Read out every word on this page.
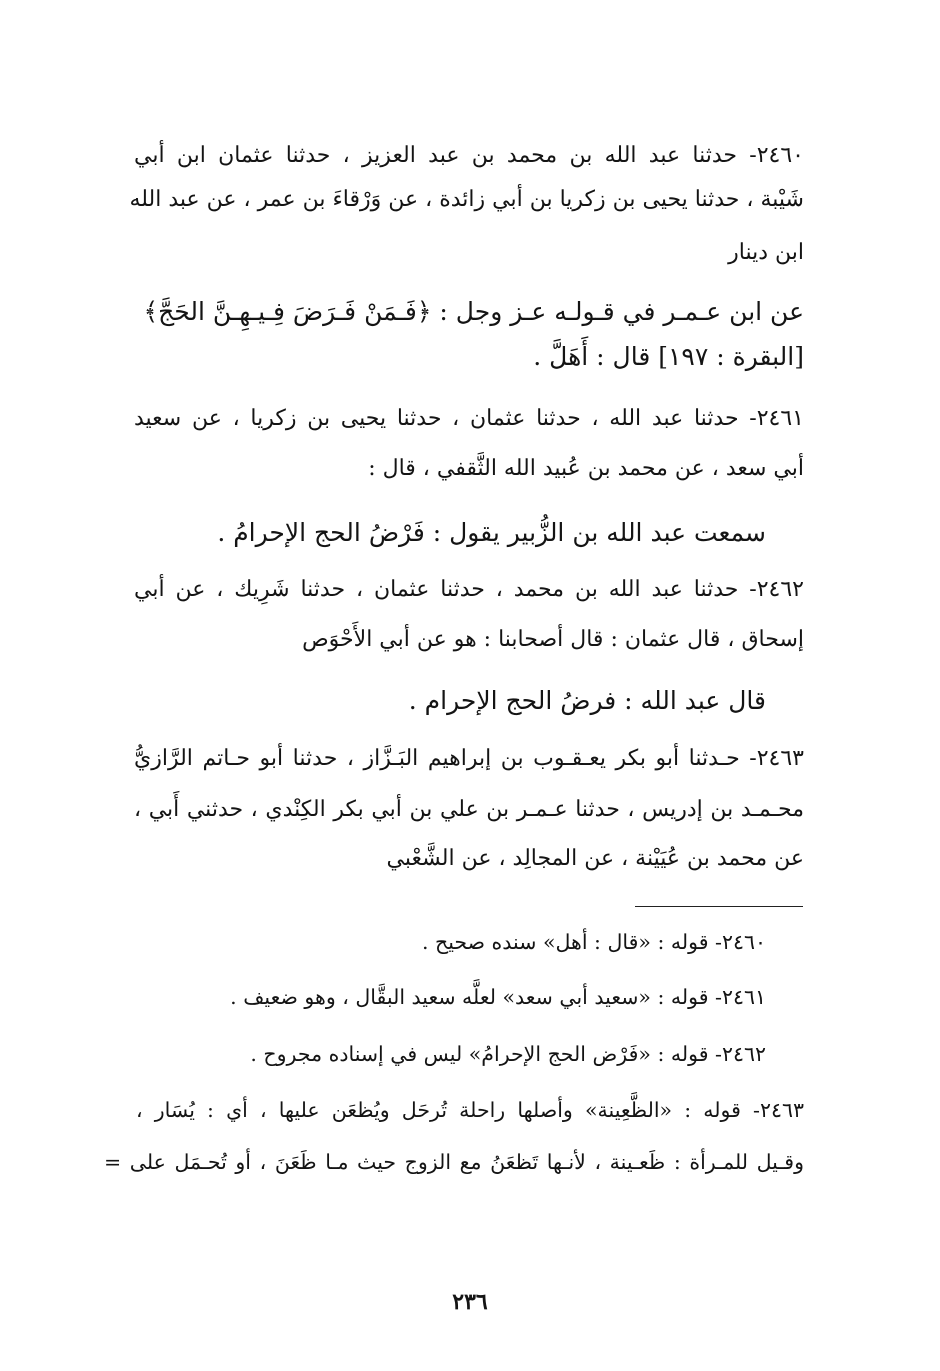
٢٤٦٠- حدثنا عبد الله بن محمد بن عبد العزيز ، حدثنا عثمان ابن أبي
شَيْبة ، حدثنا يحيى بن زكريا بن أبي زائدة ، عن وَرْقاءَ بن عمر ، عن عبد الله
ابن دينار
عن ابن عـمـر في قـولـه عـز وجل : ﴿فَـمَنْ فَـرَضَ فِـيـهِـنَّ الحَجَّ﴾
[البقرة : ١٩٧] قال : أَهَلَّ .
٢٤٦١- حدثنا عبد الله ، حدثنا عثمان ، حدثنا يحيى بن زكريا ، عن سعيد
أبي سعد ، عن محمد بن عُبيد الله الثَّقفي ، قال :
سمعت عبد الله بن الزُّبير يقول : فَرْضُ الحج الإحرامُ .
٢٤٦٢- حدثنا عبد الله بن محمد ، حدثنا عثمان ، حدثنا شَرِيك ، عن أبي
إسحاق ، قال عثمان : قال أصحابنا : هو عن أبي الأَحْوَص
قال عبد الله : فرضُ الحج الإحرام .
٢٤٦٣- حـدثنا أبو بكر يعـقـوب بن إبراهيم البَـزَّاز ، حدثنا أبو حـاتم الرَّازيُّ
محـمـد بن إدريس ، حدثنا عـمـر بن علي بن أبي بكر الكِنْدي ، حدثني أَبي ،
عن محمد بن عُيَيْنة ، عن المجالِد ، عن الشَّعْبي
٢٤٦٠- قوله : «قال : أهل» سنده صحيح .
٢٤٦١- قوله : «سعيد أبي سعد» لعلَّه سعيد البقَّال ، وهو ضعيف .
٢٤٦٢- قوله : «فَرْض الحج الإحرامُ» ليس في إسناده مجروح .
٢٤٦٣- قوله : «الظَّعِينة» وأصلها راحلة تُرحَل ويُظعَن عليها ، أي : يُسَار ،
وقـيل للمـرأة : ظَعـينة ، لأنـها تَظعَنُ مع الزوج حيث مـا ظَعَنَ ، أو تُحـمَل على =
٢٣٦
